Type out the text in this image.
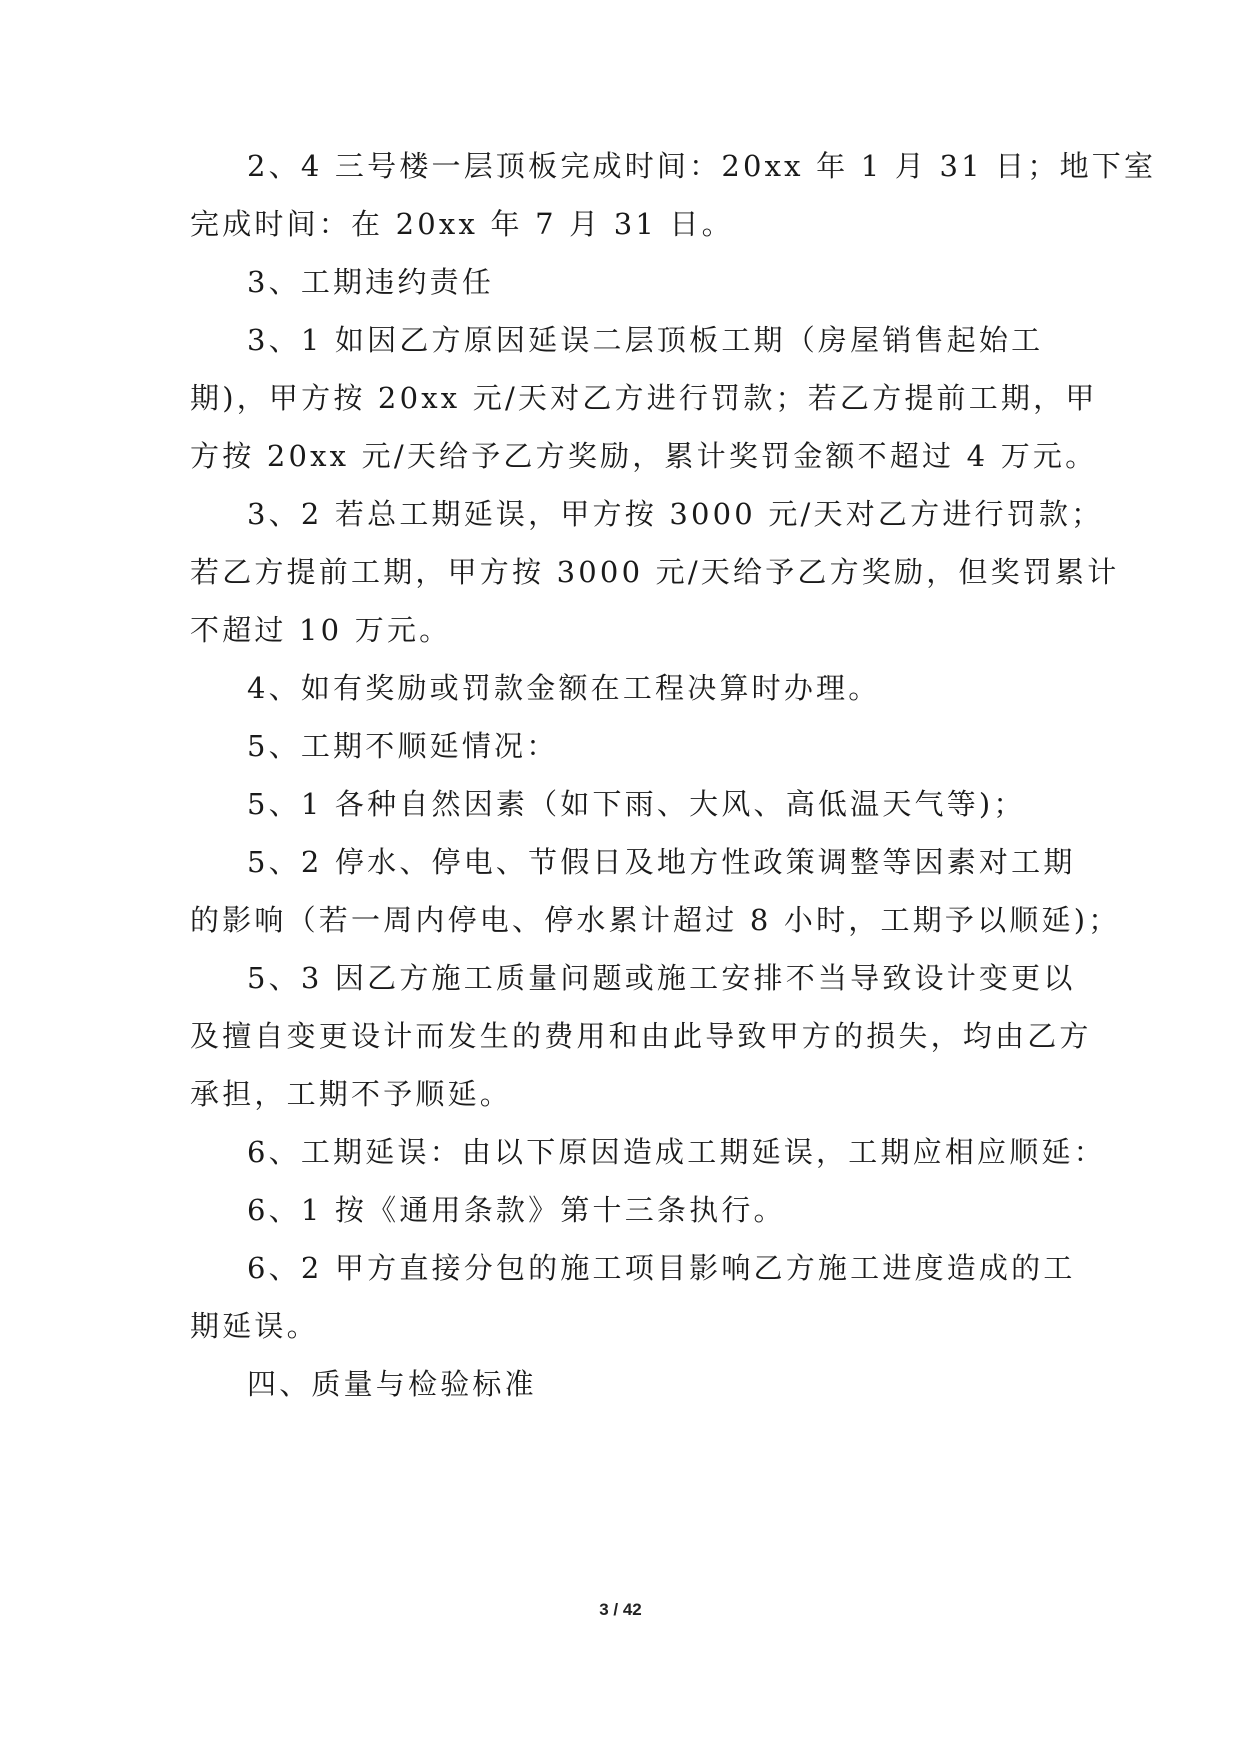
2、4 三号楼一层顶板完成时间：20xx 年 1 月 31 日；地下室
完成时间：在 20xx 年 7 月 31 日。
3、工期违约责任
3、1 如因乙方原因延误二层顶板工期（房屋销售起始工
期)，甲方按 20xx 元/天对乙方进行罚款；若乙方提前工期，甲
方按 20xx 元/天给予乙方奖励，累计奖罚金额不超过 4 万元。
3、2 若总工期延误，甲方按 3000 元/天对乙方进行罚款；
若乙方提前工期，甲方按 3000 元/天给予乙方奖励，但奖罚累计
不超过 10 万元。
4、如有奖励或罚款金额在工程决算时办理。
5、工期不顺延情况：
5、1 各种自然因素（如下雨、大风、高低温天气等)；
5、2 停水、停电、节假日及地方性政策调整等因素对工期
的影响（若一周内停电、停水累计超过 8 小时，工期予以顺延)；
5、3 因乙方施工质量问题或施工安排不当导致设计变更以
及擅自变更设计而发生的费用和由此导致甲方的损失，均由乙方
承担，工期不予顺延。
6、工期延误：由以下原因造成工期延误，工期应相应顺延：
6、1 按《通用条款》第十三条执行。
6、2 甲方直接分包的施工项目影响乙方施工进度造成的工
期延误。
四、质量与检验标准
3 / 42
